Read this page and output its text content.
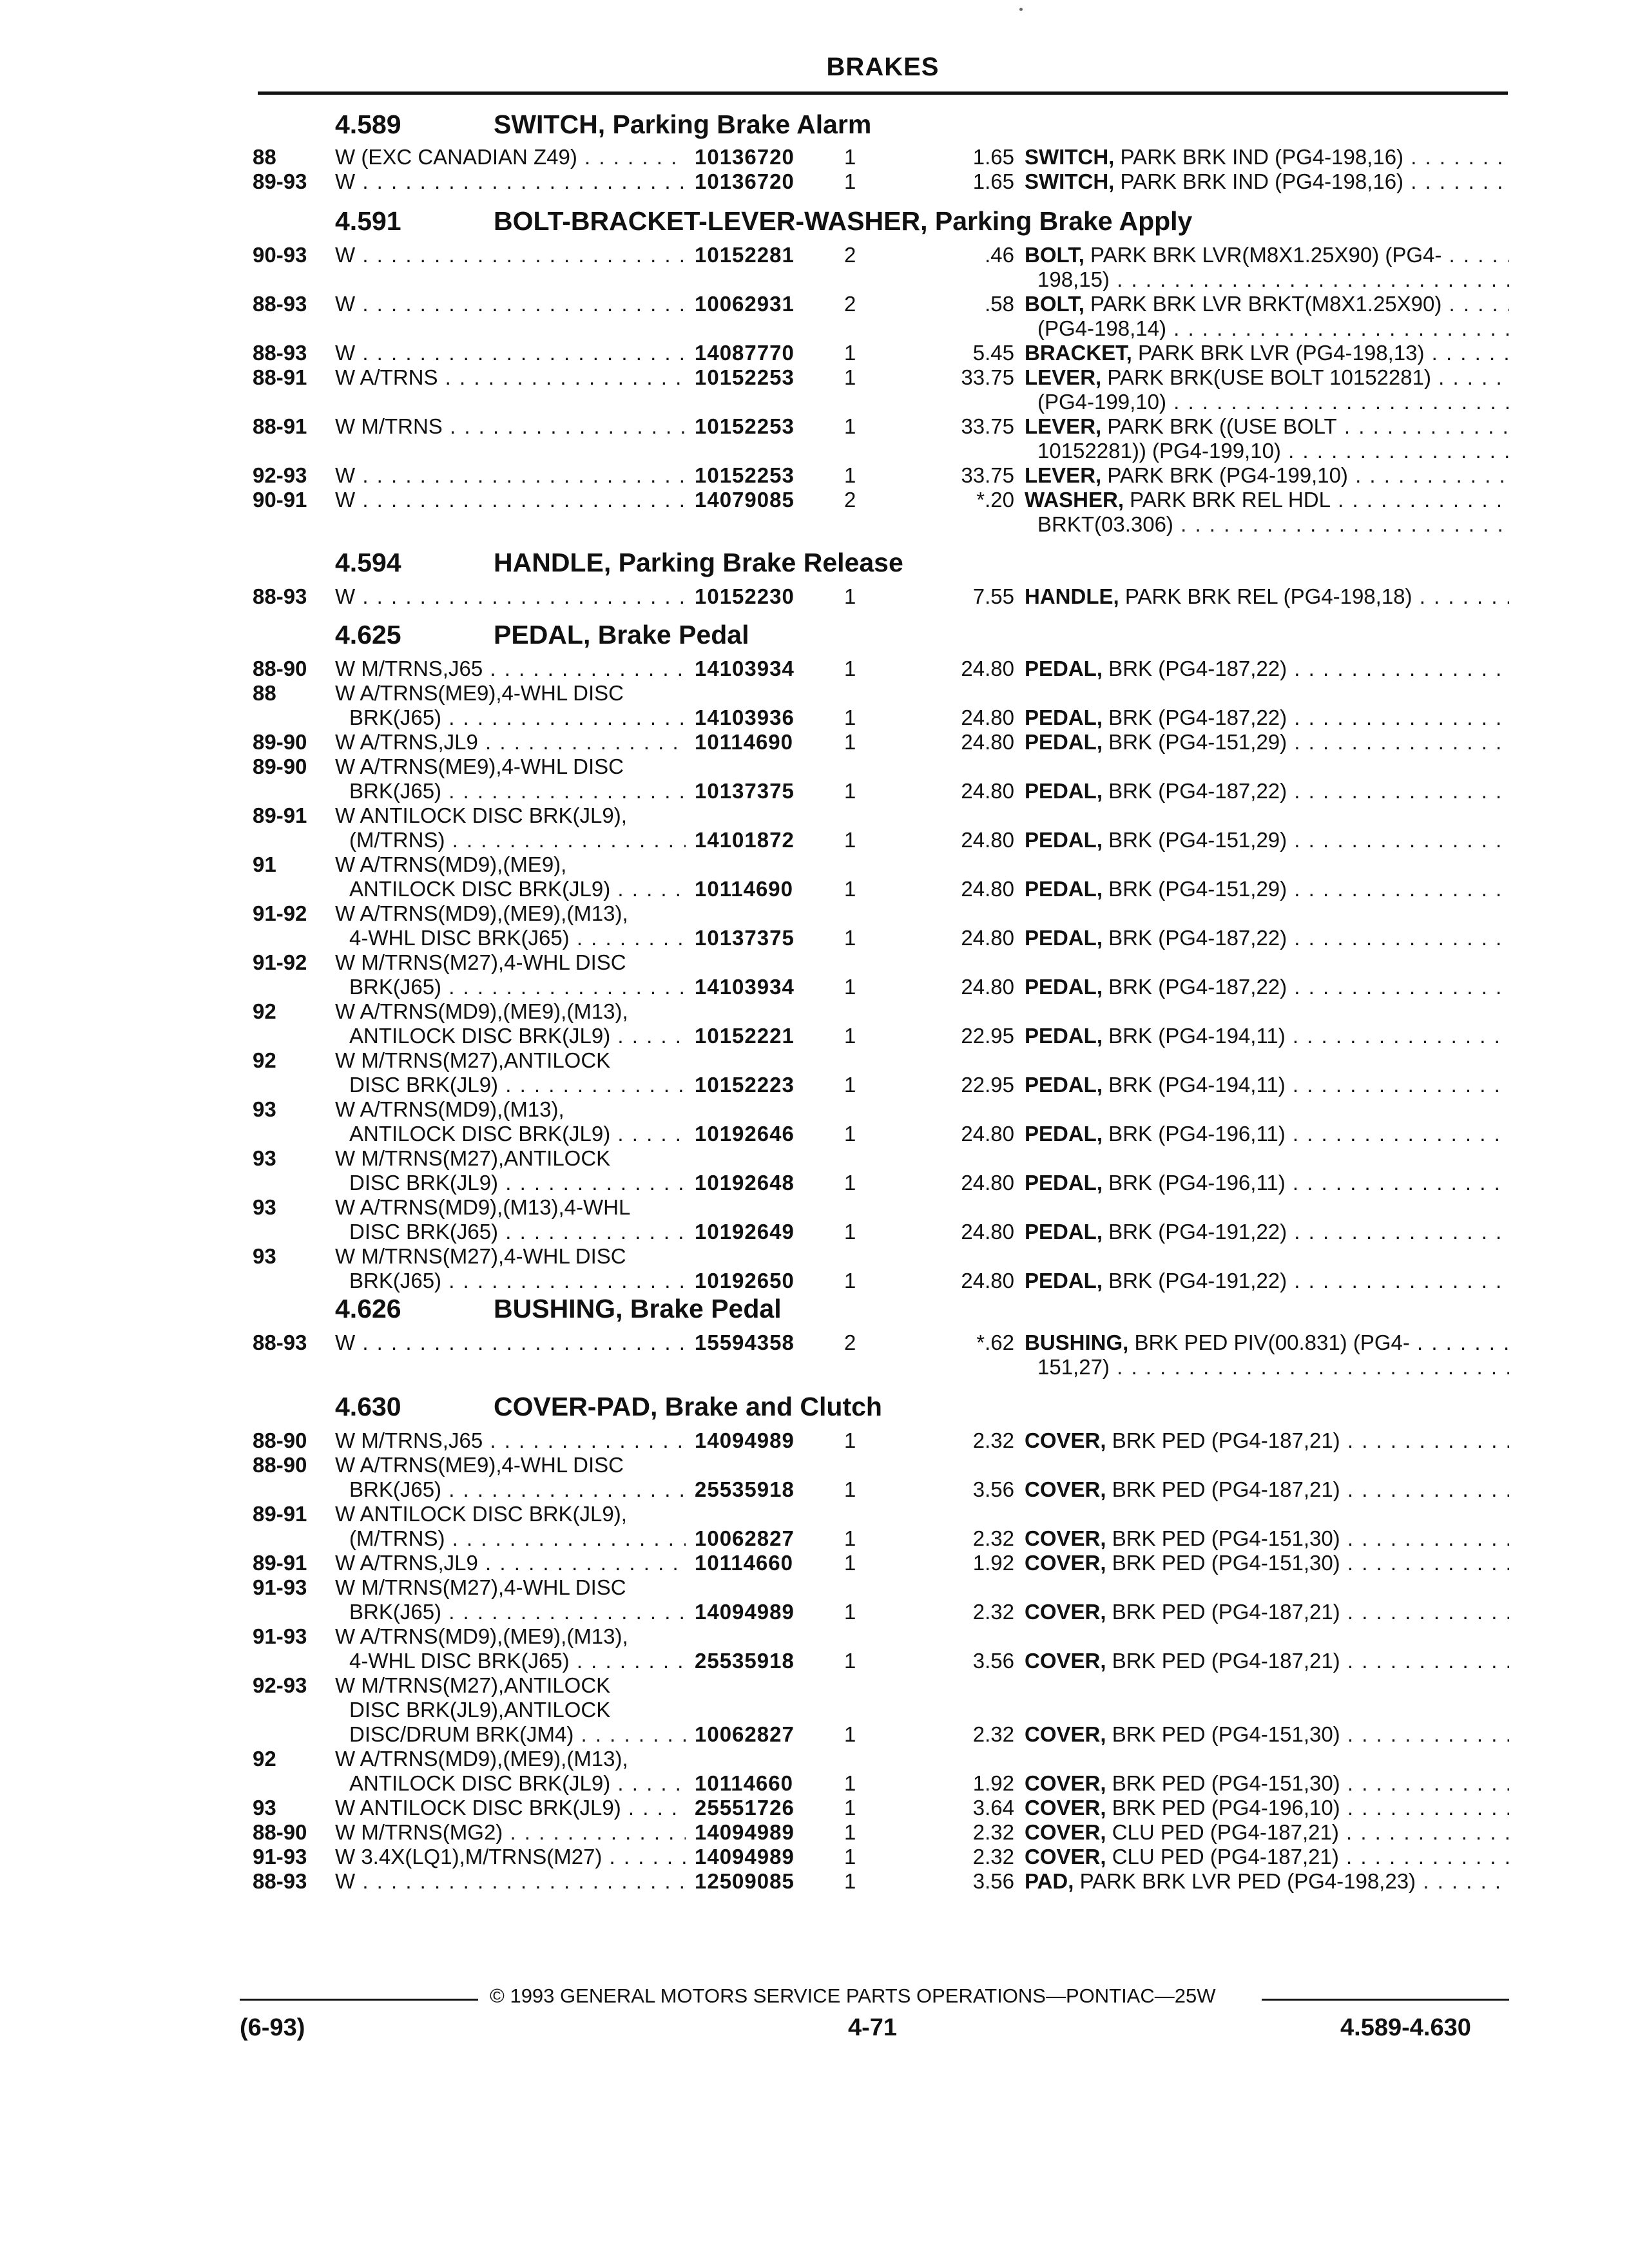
BRAKES
4.589	SWITCH, Parking Brake Alarm
88	W (EXC CANADIAN Z49) . . .	10136720 1	1.65 SWITCH, PARK BRK IND (PG4-198,16) . . .
89-93 W . . .	10136720 1	1.65 SWITCH, PARK BRK IND (PG4-198,16) . . .
4.591	BOLT-BRACKET-LEVER-WASHER, Parking Brake Apply
90-93 W . . .	10152281 2	.46 BOLT, PARK BRK LVR(M8X1.25X90) (PG4- . . .
198,15) . . .
88-93 W . . .	10062931 2	.58 BOLT, PARK BRK LVR BRKT(M8X1.25X90) . . .
(PG4-198,14) . . .
88-93 W . . .	14087770 1	5.45 BRACKET, PARK BRK LVR (PG4-198,13) . . .
88-91 W A/TRNS . . .	10152253 1	33.75 LEVER, PARK BRK(USE BOLT 10152281) . . .
(PG4-199,10) . . .
88-91 W M/TRNS . . .	10152253 1	33.75 LEVER, PARK BRK ((USE BOLT . . .
10152281)) (PG4-199,10) . . .
92-93 W . . .	10152253 1	33.75 LEVER, PARK BRK (PG4-199,10) . . .
90-91 W . . .	14079085 2	*.20 WASHER, PARK BRK REL HDL . . .
BRKT(03.306) . . .
4.594	HANDLE, Parking Brake Release
88-93 W . . .	10152230 1	7.55 HANDLE, PARK BRK REL (PG4-198,18) . . .
4.625	PEDAL, Brake Pedal
88-90 W M/TRNS,J65 . . .	14103934 1	24.80 PEDAL, BRK (PG4-187,22) . . .
88	W A/TRNS(ME9),4-WHL DISC
BRK(J65) . . .	14103936 1	24.80 PEDAL, BRK (PG4-187,22) . . .
89-90 W A/TRNS,JL9 . . .	10114690 1	24.80 PEDAL, BRK (PG4-151,29) . . .
89-90 W A/TRNS(ME9),4-WHL DISC
BRK(J65) . . .	10137375 1	24.80 PEDAL, BRK (PG4-187,22) . . .
89-91 W ANTILOCK DISC BRK(JL9),
(M/TRNS) . . .	14101872 1	24.80 PEDAL, BRK (PG4-151,29) . . .
91	W A/TRNS(MD9),(ME9),
ANTILOCK DISC BRK(JL9) . . .	10114690 1	24.80 PEDAL, BRK (PG4-151,29) . . .
91-92 W A/TRNS(MD9),(ME9),(M13),
4-WHL DISC BRK(J65) . . .	10137375 1	24.80 PEDAL, BRK (PG4-187,22) . . .
91-92 W M/TRNS(M27),4-WHL DISC
BRK(J65) . . .	14103934 1	24.80 PEDAL, BRK (PG4-187,22) . . .
92	W A/TRNS(MD9),(ME9),(M13),
ANTILOCK DISC BRK(JL9) . . .	10152221 1	22.95 PEDAL, BRK (PG4-194,11) . . .
92	W M/TRNS(M27),ANTILOCK
DISC BRK(JL9) . . .	10152223 1	22.95 PEDAL, BRK (PG4-194,11) . . .
93	W A/TRNS(MD9),(M13),
ANTILOCK DISC BRK(JL9) . . .	10192646 1	24.80 PEDAL, BRK (PG4-196,11) . . .
93	W M/TRNS(M27),ANTILOCK
DISC BRK(JL9) . . .	10192648 1	24.80 PEDAL, BRK (PG4-196,11) . . .
93	W A/TRNS(MD9),(M13),4-WHL
DISC BRK(J65) . . .	10192649 1	24.80 PEDAL, BRK (PG4-191,22) . . .
93	W M/TRNS(M27),4-WHL DISC
BRK(J65) . . .	10192650 1	24.80 PEDAL, BRK (PG4-191,22) . . .
4.626	BUSHING, Brake Pedal
88-93 W . . .	15594358 2	*.62 BUSHING, BRK PED PIV(00.831) (PG4- . . .
151,27) . . .
4.630	COVER-PAD, Brake and Clutch
88-90 W M/TRNS,J65 . . .	14094989 1	2.32 COVER, BRK PED (PG4-187,21) . . .
88-90 W A/TRNS(ME9),4-WHL DISC
BRK(J65) . . .	25535918 1	3.56 COVER, BRK PED (PG4-187,21) . . .
89-91 W ANTILOCK DISC BRK(JL9),
(M/TRNS) . . .	10062827 1	2.32 COVER, BRK PED (PG4-151,30) . . .
89-91 W A/TRNS,JL9 . . .	10114660 1	1.92 COVER, BRK PED (PG4-151,30) . . .
91-93 W M/TRNS(M27),4-WHL DISC
BRK(J65) . . .	14094989 1	2.32 COVER, BRK PED (PG4-187,21) . . .
91-93 W A/TRNS(MD9),(ME9),(M13),
4-WHL DISC BRK(J65) . . .	25535918 1	3.56 COVER, BRK PED (PG4-187,21) . . .
92-93 W M/TRNS(M27),ANTILOCK
DISC BRK(JL9),ANTILOCK
DISC/DRUM BRK(JM4) . . .	10062827 1	2.32 COVER, BRK PED (PG4-151,30) . . .
92	W A/TRNS(MD9),(ME9),(M13),
ANTILOCK DISC BRK(JL9) . . .	10114660 1	1.92 COVER, BRK PED (PG4-151,30) . . .
93	W ANTILOCK DISC BRK(JL9) . . .	25551726 1	3.64 COVER, BRK PED (PG4-196,10) . . .
88-90 W M/TRNS(MG2) . . .	14094989 1	2.32 COVER, CLU PED (PG4-187,21) . . .
91-93 W 3.4X(LQ1),M/TRNS(M27) . . .	14094989 1	2.32 COVER, CLU PED (PG4-187,21) . . .
88-93 W . . .	12509085 1	3.56 PAD, PARK BRK LVR PED (PG4-198,23) . . .
© 1993 GENERAL MOTORS SERVICE PARTS OPERATIONS—PONTIAC—25W
(6-93)	4-71	4.589-4.630
